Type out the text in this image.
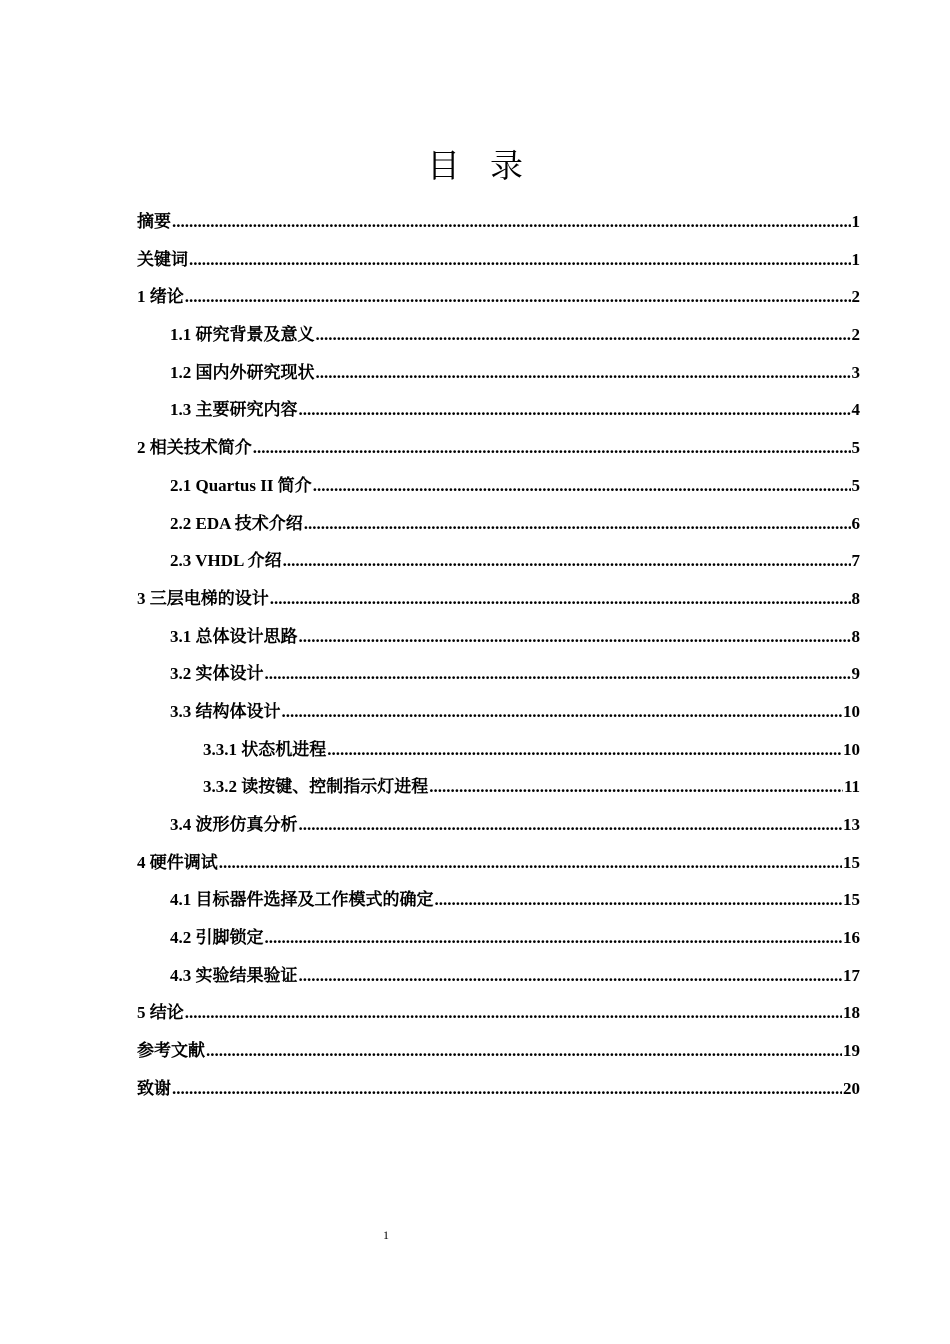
目 录
摘要 .....	1
关键词 .....	1
1 绪论 .....	2
1.1 研究背景及意义 .....	2
1.2 国内外研究现状 .....	3
1.3 主要研究内容 .....	4
2 相关技术简介 .....	5
2.1 Quartus II 简介 .....	5
2.2 EDA 技术介绍 .....	6
2.3 VHDL 介绍 .....	7
3 三层电梯的设计 .....	8
3.1 总体设计思路 .....	8
3.2 实体设计 .....	9
3.3 结构体设计 .....	10
3.3.1 状态机进程 .....	10
3.3.2 读按键、控制指示灯进程 .....	11
3.4 波形仿真分析 .....	13
4 硬件调试 .....	15
4.1 目标器件选择及工作模式的确定 .....	15
4.2 引脚锁定 .....	16
4.3 实验结果验证 .....	17
5 结论 .....	18
参考文献 .....	19
致谢 .....	20
1
